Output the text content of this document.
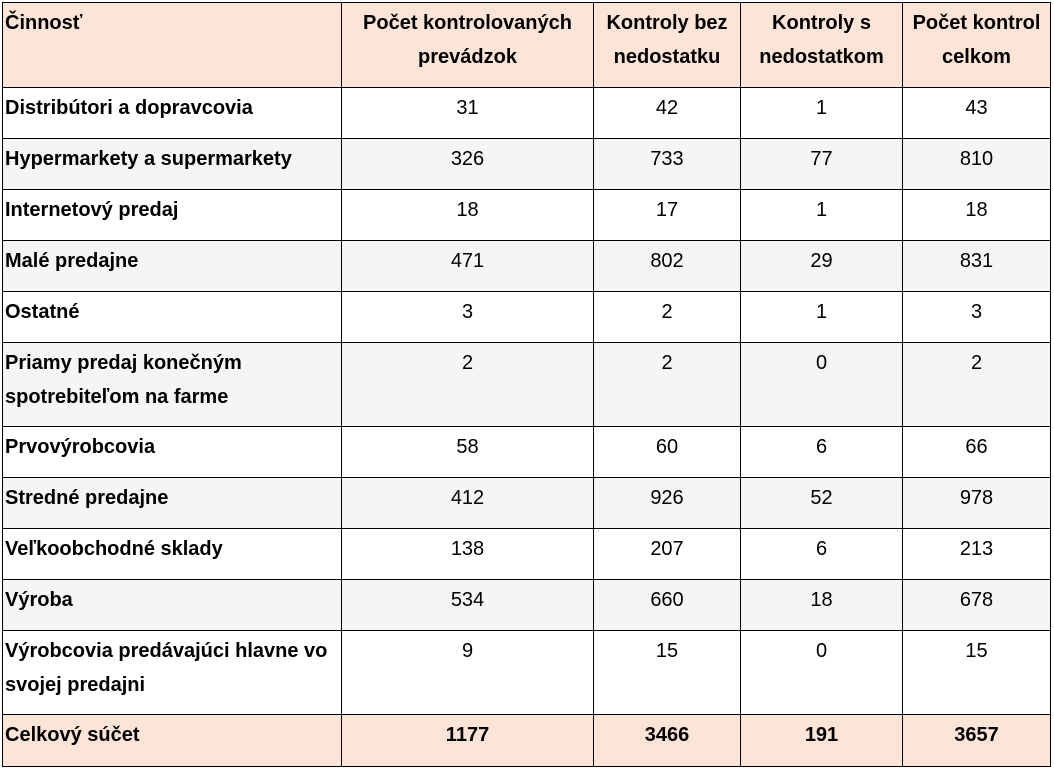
Činnosť	Počet kontrolovaných prevádzok	Kontroly bez nedostatku	Kontroly s nedostatkom	Počet kontrol celkom
Distribútori a dopravcovia	31	42	1	43
Hypermarkety a supermarkety	326	733	77	810
Internetový predaj	18	17	1	18
Malé predajne	471	802	29	831
Ostatné	3	2	1	3
Priamy predaj konečným spotrebiteľom na farme	2	2	0	2
Prvovýrobcovia	58	60	6	66
Stredné predajne	412	926	52	978
Veľkoobchodné sklady	138	207	6	213
Výroba	534	660	18	678
Výrobcovia predávajúci hlavne vo svojej predajni	9	15	0	15
Celkový súčet	1177	3466	191	3657
